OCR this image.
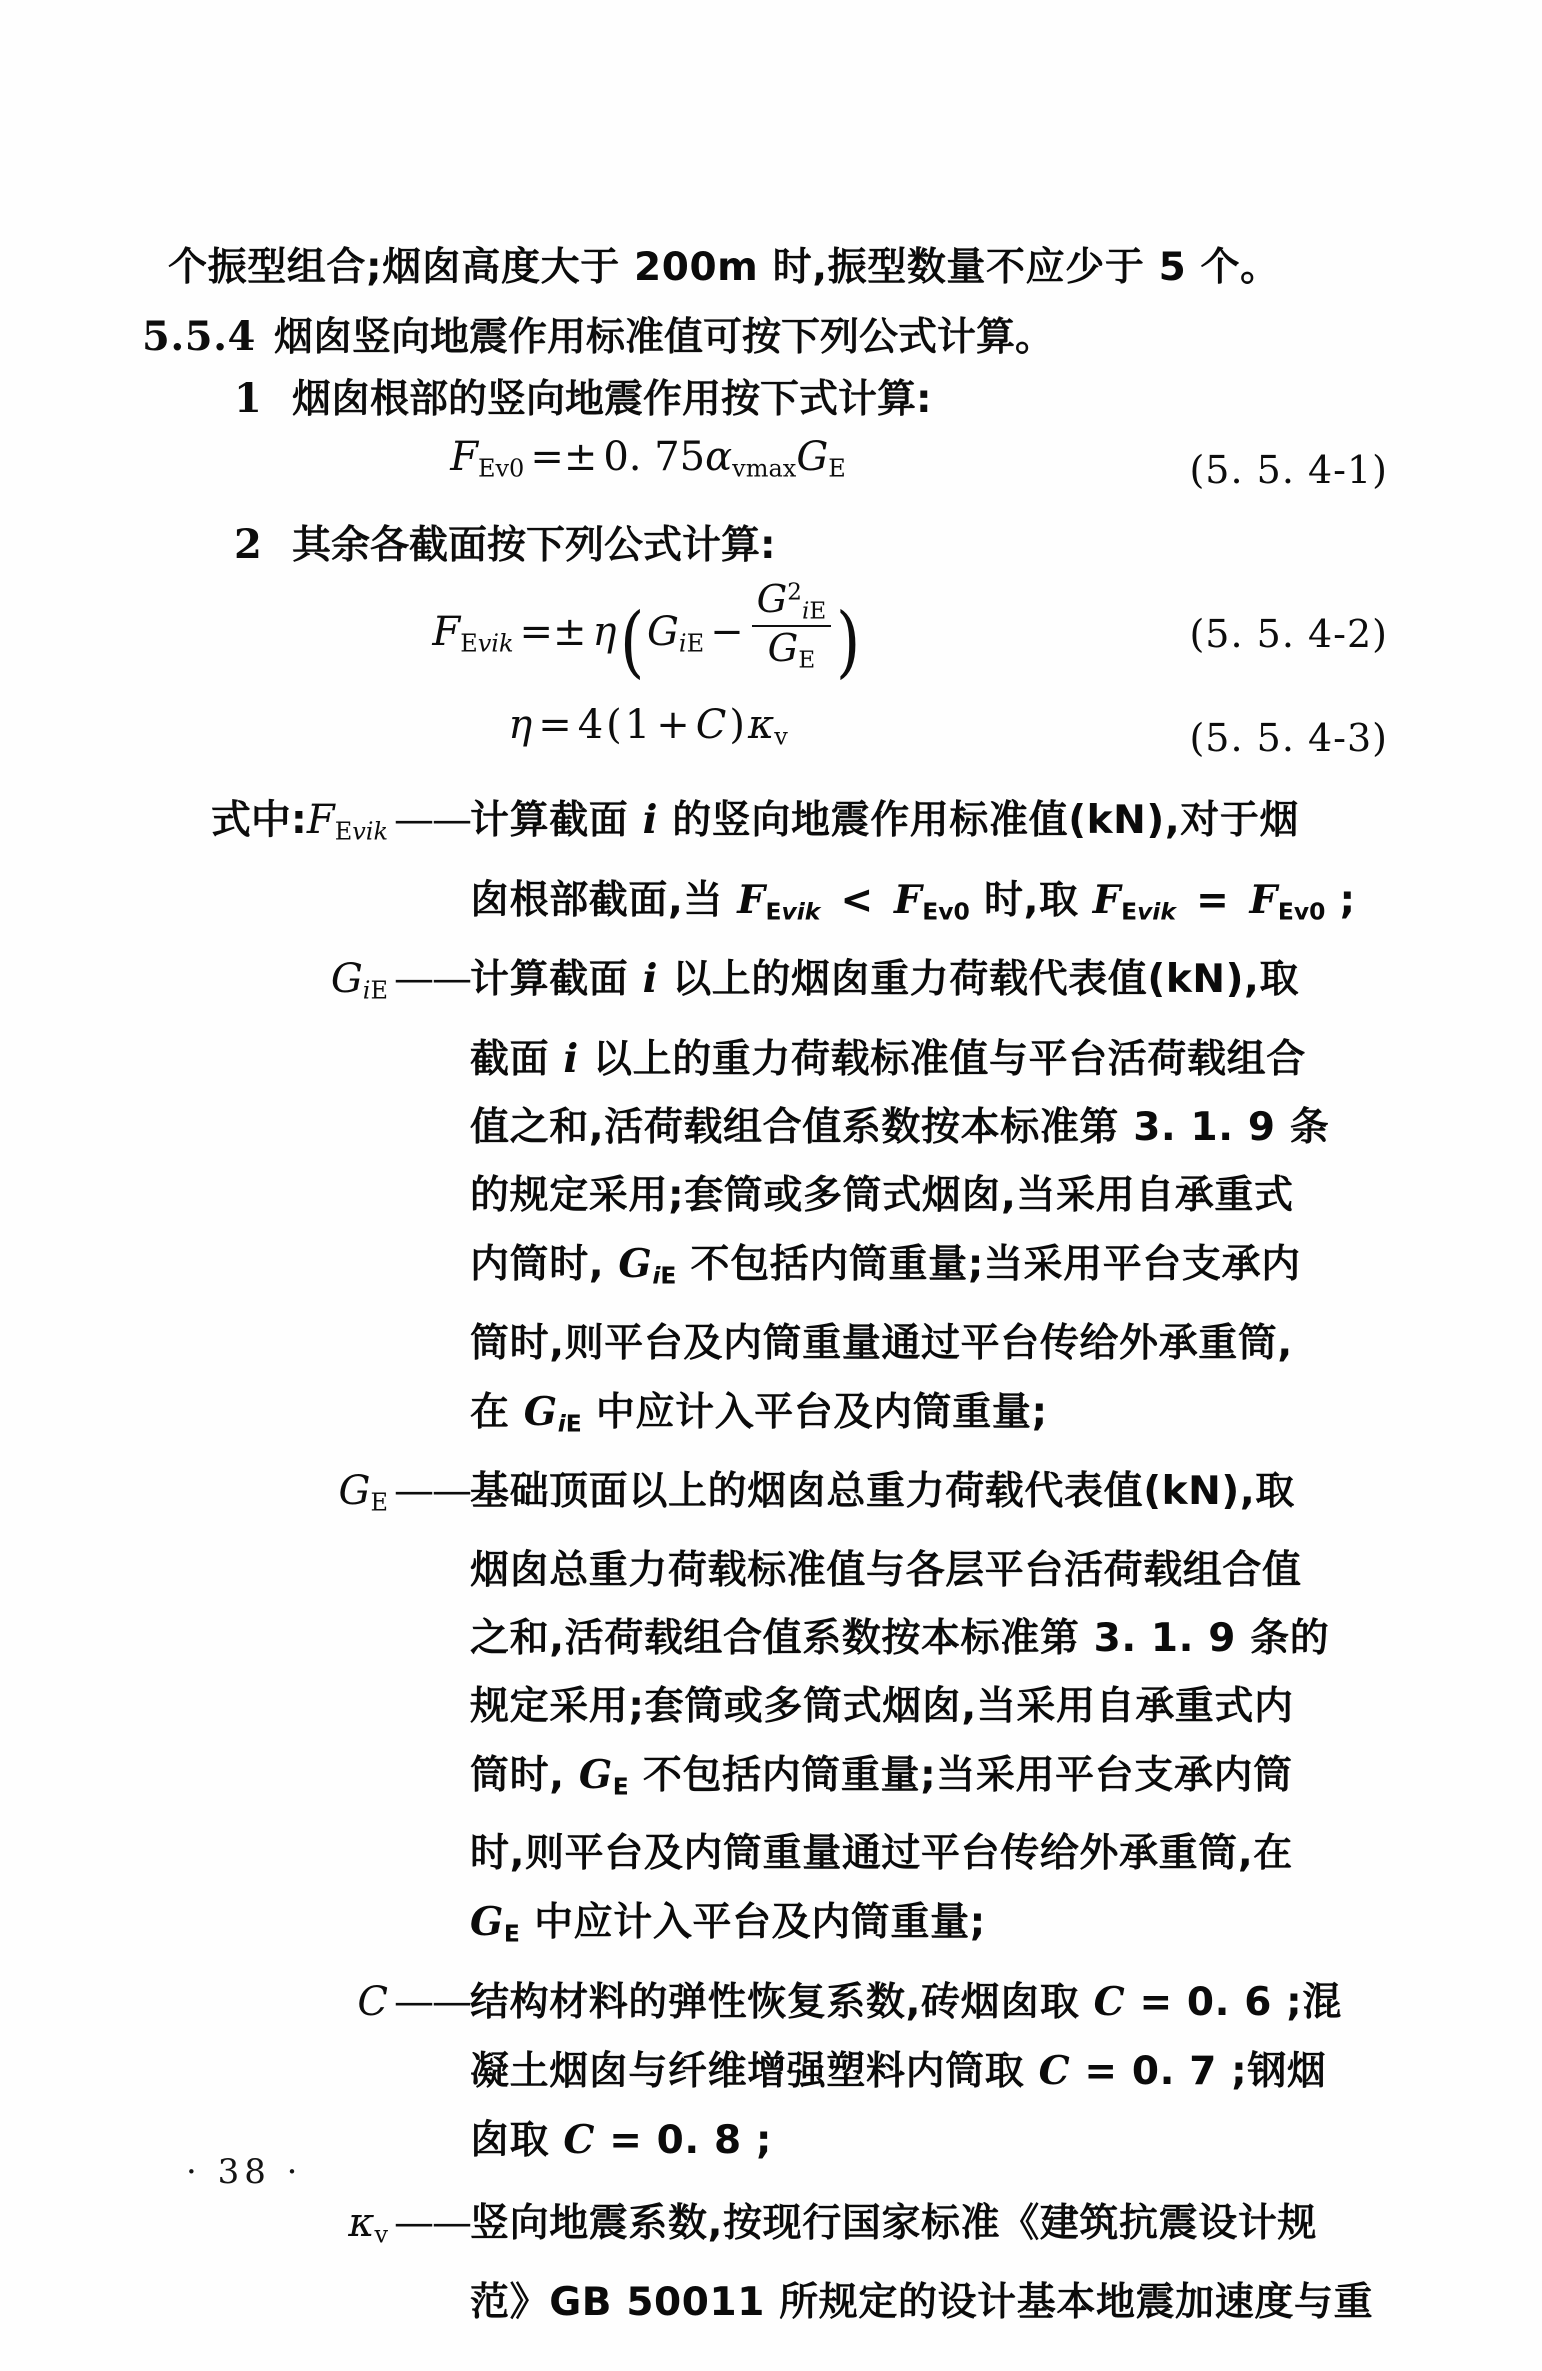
个振型组合;烟囱高度大于 200m 时,振型数量不应少于 5 个。
5.5.4 烟囱竖向地震作用标准值可按下列公式计算。
1 烟囱根部的竖向地震作用按下式计算:
$F_{Ev0} =\pm 0$. $75\alpha_{vmax}G_E$	(5. 5. 4-1)
2 其余各截面按下列公式计算:
$F_{Evik} =\pm \eta(G_{iE} - \frac{G^2_{iE}}{G_E}$ )	(5. 5. 4-2)
$\eta = 4(1 + C)\kappa_v$	(5. 5. 4-3)
式中$:F_{Evik}$ —— 计算截面 i 的竖向地震作用标准值(kN),对于烟
囱根部截面,当 $F_{Evik} < F_{Ev0}$ 时,取 $F_{Evik} = F_{Ev0}$ ;
$G_{iE}$ —— 计算截面 i 以上的烟囱重力荷载代表值(kN),取
截面 i 以上的重力荷载标准值与平台活荷载组合
值之和,活荷载组合值系数按本标准第 3. 1. 9 条
的规定采用;套筒或多筒式烟囱,当采用自承重式
内筒时, $G_{iE}$ 不包括内筒重量;当采用平台支承内
筒时,则平台及内筒重量通过平台传给外承重筒,
在 $G_{iE}$ 中应计入平台及内筒重量;
$G_E$ —— 基础顶面以上的烟囱总重力荷载代表值(kN),取
烟囱总重力荷载标准值与各层平台活荷载组合值
之和,活荷载组合值系数按本标准第 3. 1. 9 条的
规定采用;套筒或多筒式烟囱,当采用自承重式内
筒时, $G_E$ 不包括内筒重量;当采用平台支承内筒
时,则平台及内筒重量通过平台传给外承重筒,在
$G_E$ 中应计入平台及内筒重量;
C —— 结构材料的弹性恢复系数,砖烟囱取 C = 0. 6 ;混
凝土烟囱与纤维增强塑料内筒取 C = 0. 7 ;钢烟
囱取 C = 0. 8 ;
$\kappa_v$ —— 竖向地震系数,按现行国家标准《建筑抗震设计规
范》GB 50011 所规定的设计基本地震加速度与重
· 38 ·
